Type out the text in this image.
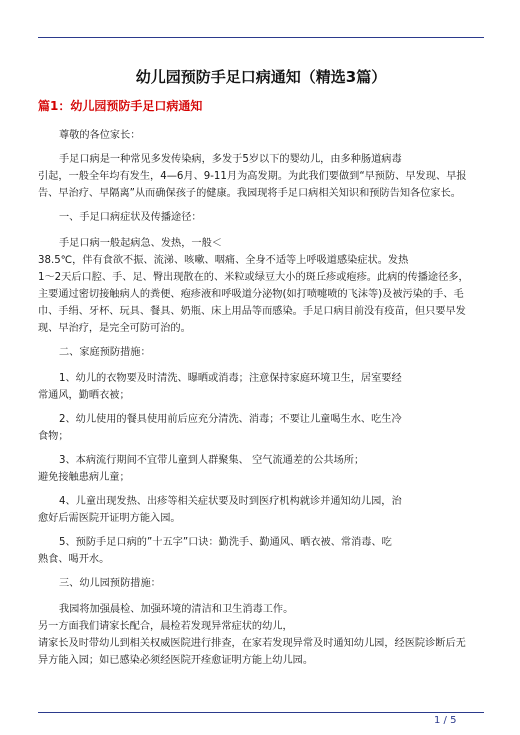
幼儿园预防手足口病通知（精选3篇）
篇1：幼儿园预防手足口病通知
尊敬的各位家长：
手足口病是一种常见多发传染病，多发于5岁以下的婴幼儿，由多种肠道病毒
引起，一般全年均有发生，4—6月、9-11月为高发期。为此我们要做到“早预防、早发现、早报
告、早治疗、早隔离”从而确保孩子的健康。我园现将手足口病相关知识和预防告知各位家长。
一、手足口病症状及传播途径：
手足口病一般起病急、发热，一般＜
38.5℃，伴有食欲不振、流涕、咳嗽、咽痛、全身不适等上呼吸道感染症状。发热
1～2天后口腔、手、足、臀出现散在的、米粒或绿豆大小的斑丘疹或疱疹。此病的传播途径多，
主要通过密切接触病人的粪便、疱疹液和呼吸道分泌物(如打喷嚏喷的飞沫等)及被污染的手、毛
巾、手绢、牙杯、玩具、餐具、奶瓶、床上用品等而感染。手足口病目前没有疫苗，但只要早发
现、早治疗，是完全可防可治的。
二、家庭预防措施：
1、幼儿的衣物要及时清洗、曝晒或消毒；注意保持家庭环境卫生，居室要经
常通风，勤晒衣被；
2、幼儿使用的餐具使用前后应充分清洗、消毒；不要让儿童喝生水、吃生冷
食物；
3、本病流行期间不宜带儿童到人群聚集、 空气流通差的公共场所；
避免接触患病儿童；
4、儿童出现发热、出疹等相关症状要及时到医疗机构就诊并通知幼儿园，治
愈好后需医院开证明方能入园。
5、预防手足口病的”十五字”口诀：勤洗手、勤通风、晒衣被、常消毒、吃
熟食、喝开水。
三、幼儿园预防措施：
我园将加强晨检、加强环境的清洁和卫生消毒工作。
另一方面我们请家长配合，晨检若发现异常症状的幼儿，
请家长及时带幼儿到相关权威医院进行排查，在家若发现异常及时通知幼儿园，经医院诊断后无
异方能入园；如已感染必须经医院开痊愈证明方能上幼儿园。
1 / 5
